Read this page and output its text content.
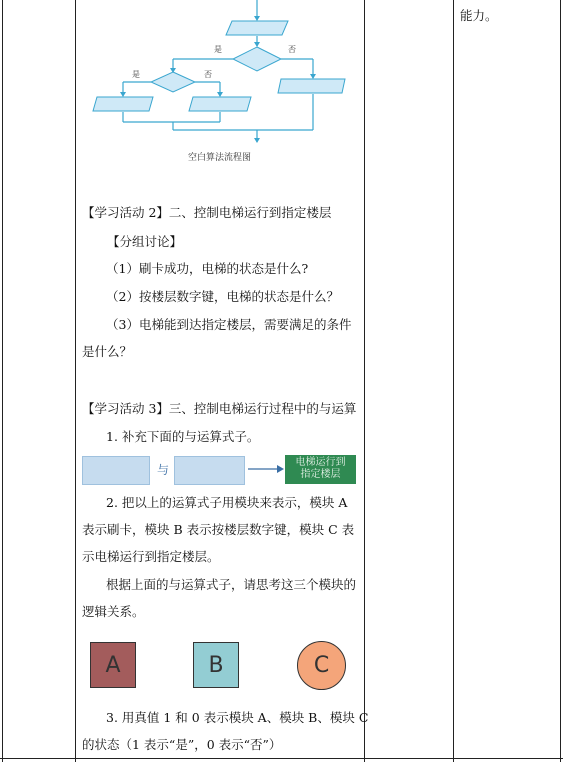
能力。
是	否
是	否
空白算法流程图
【学习活动 2】二、控制电梯运行到指定楼层
【分组讨论】
（1）刷卡成功，电梯的状态是什么?
（2）按楼层数字键，电梯的状态是什么？
（3）电梯能到达指定楼层，需要满足的条件
是什么？
【学习活动 3】三、控制电梯运行过程中的与运算
1. 补充下面的与运算式子。
与
电梯运行到
指定楼层
2. 把以上的运算式子用模块来表示，模块 A
表示刷卡，模块 B 表示按楼层数字键，模块 C 表
示电梯运行到指定楼层。
根据上面的与运算式子，请思考这三个模块的
逻辑关系。
A	B	C
3. 用真值 1 和 0 表示模块 A、模块 B、模块 C
的状态（1 表示“是”，0 表示“否”）
